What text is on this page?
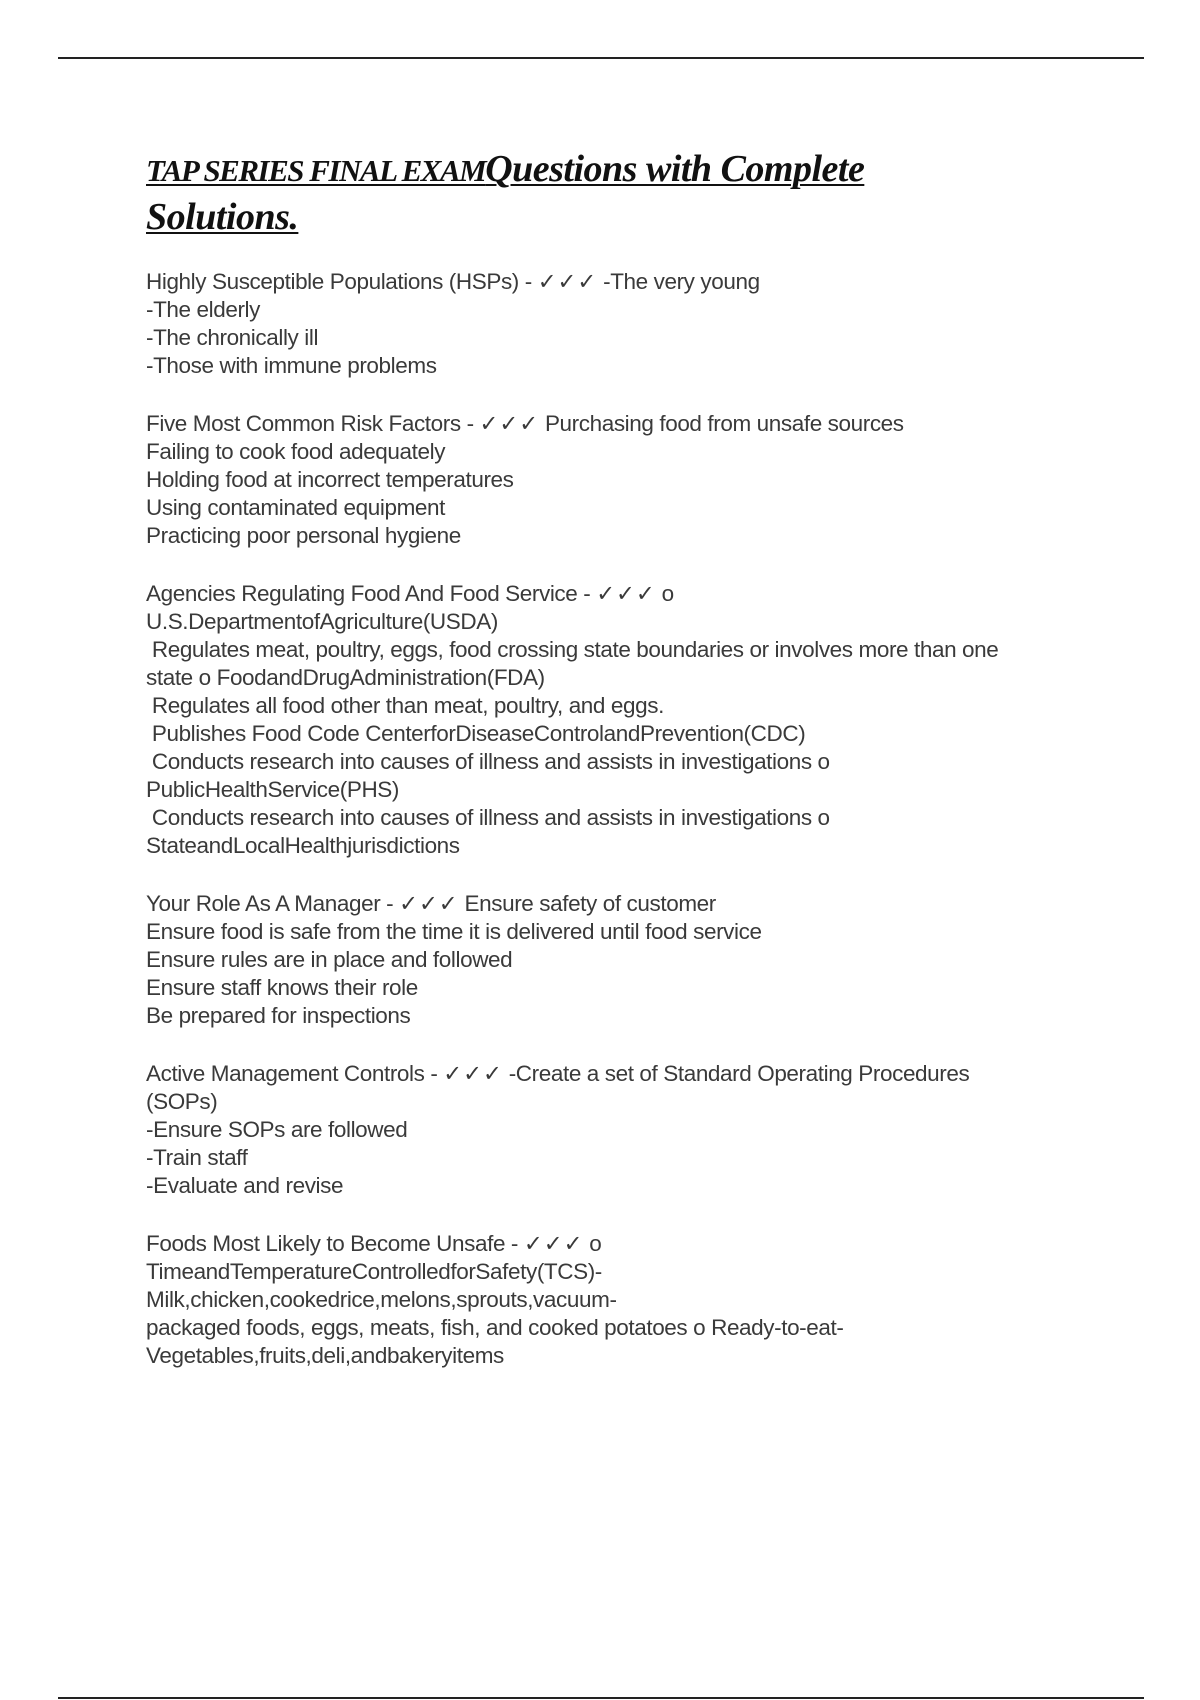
TAP SERIES FINAL EXAMQuestions with Complete
Solutions.
Highly Susceptible Populations (HSPs) - ✓✓✓ -The very young
-The elderly
-The chronically ill
-Those with immune problems
Five Most Common Risk Factors - ✓✓✓ Purchasing food from unsafe sources
Failing to cook food adequately
Holding food at incorrect temperatures
Using contaminated equipment
Practicing poor personal hygiene
Agencies Regulating Food And Food Service - ✓✓✓ o
U.S.DepartmentofAgriculture(USDA)
Regulates meat, poultry, eggs, food crossing state boundaries or involves more than one
state o FoodandDrugAdministration(FDA)
Regulates all food other than meat, poultry, and eggs.
Publishes Food Code CenterforDiseaseControlandPrevention(CDC)
Conducts research into causes of illness and assists in investigations o
PublicHealthService(PHS)
Conducts research into causes of illness and assists in investigations o
StateandLocalHealthjurisdictions
Your Role As A Manager - ✓✓✓ Ensure safety of customer
Ensure food is safe from the time it is delivered until food service
Ensure rules are in place and followed
Ensure staff knows their role
Be prepared for inspections
Active Management Controls - ✓✓✓ -Create a set of Standard Operating Procedures
(SOPs)
-Ensure SOPs are followed
-Train staff
-Evaluate and revise
Foods Most Likely to Become Unsafe - ✓✓✓ o
TimeandTemperatureControlledforSafety(TCS)-
Milk,chicken,cookedrice,melons,sprouts,vacuum-
packaged foods, eggs, meats, fish, and cooked potatoes o Ready-to-eat-
Vegetables,fruits,deli,andbakeryitems
